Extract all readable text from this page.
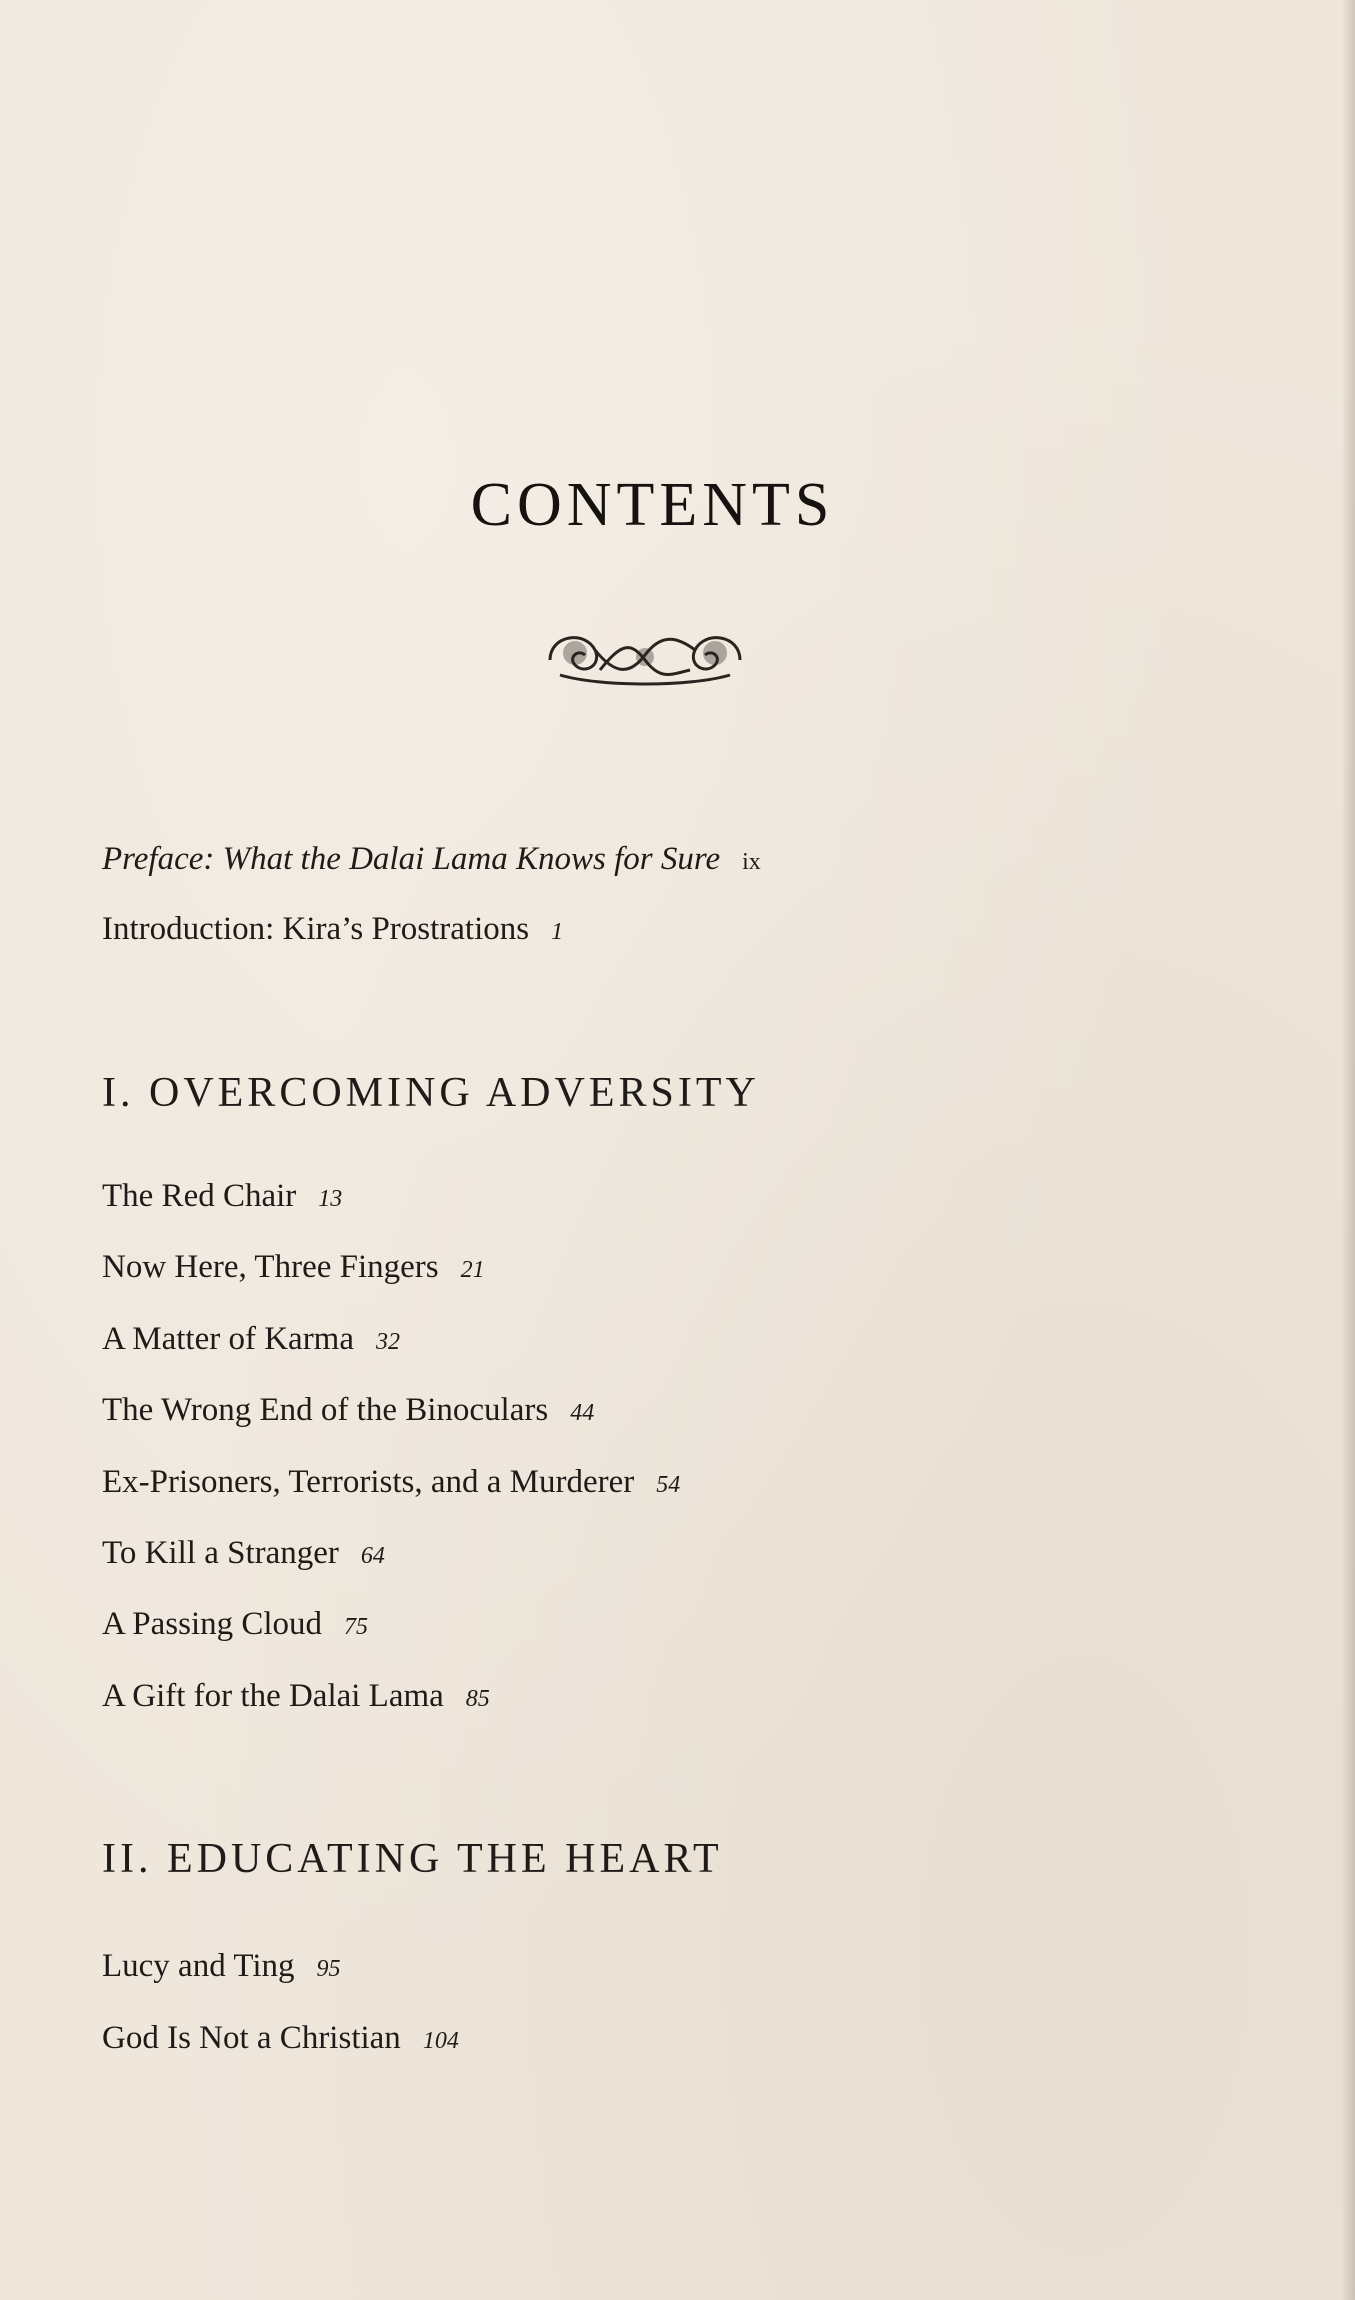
CONTENTS
Preface: What the Dalai Lama Knows for Sure ix
Introduction: Kira’s Prostrations 1
I. OVERCOMING ADVERSITY
The Red Chair 13
Now Here, Three Fingers 21
A Matter of Karma 32
The Wrong End of the Binoculars 44
Ex-Prisoners, Terrorists, and a Murderer 54
To Kill a Stranger 64
A Passing Cloud 75
A Gift for the Dalai Lama 85
II. EDUCATING THE HEART
Lucy and Ting 95
God Is Not a Christian 104
